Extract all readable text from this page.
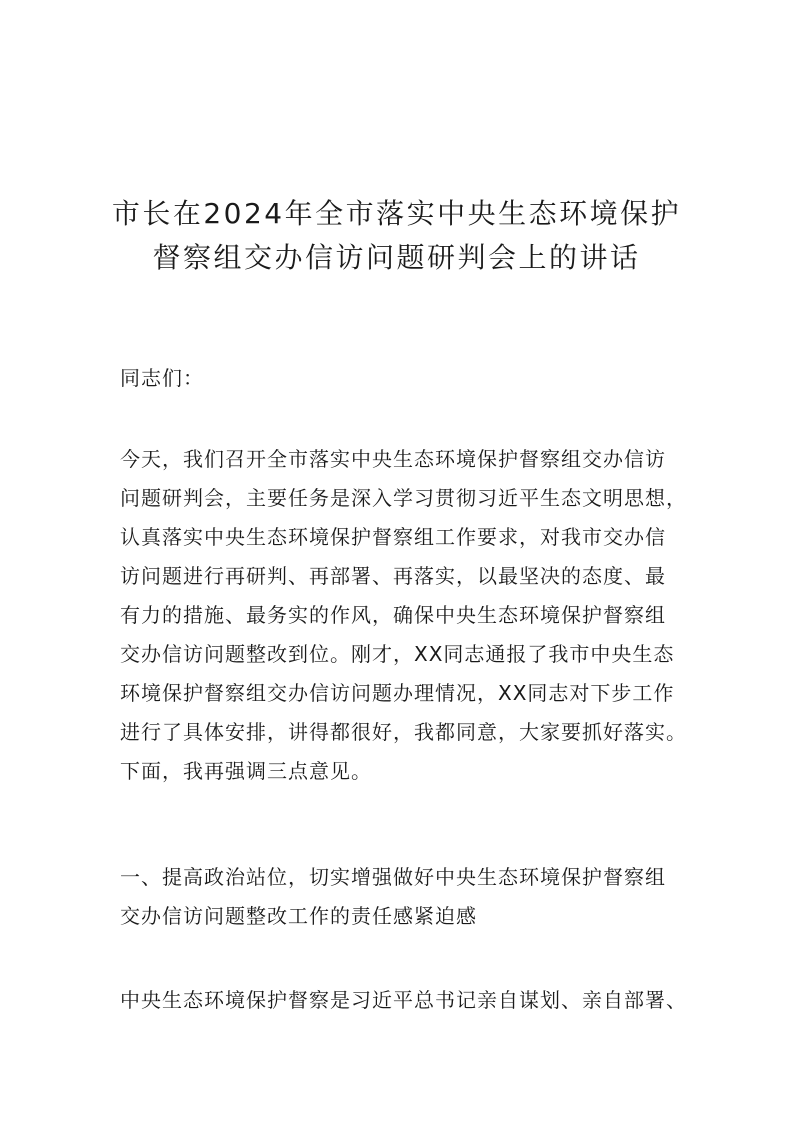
市长在2024年全市落实中央生态环境保护
督察组交办信访问题研判会上的讲话
同志们：
今天，我们召开全市落实中央生态环境保护督察组交办信访
问题研判会，主要任务是深入学习贯彻习近平生态文明思想，
认真落实中央生态环境保护督察组工作要求，对我市交办信
访问题进行再研判、再部署、再落实，以最坚决的态度、最
有力的措施、最务实的作风，确保中央生态环境保护督察组
交办信访问题整改到位。刚才，XX同志通报了我市中央生态
环境保护督察组交办信访问题办理情况，XX同志对下步工作
进行了具体安排，讲得都很好，我都同意，大家要抓好落实。
下面，我再强调三点意见。
一、提高政治站位，切实增强做好中央生态环境保护督察组
交办信访问题整改工作的责任感紧迫感
中央生态环境保护督察是习近平总书记亲自谋划、亲自部署、
